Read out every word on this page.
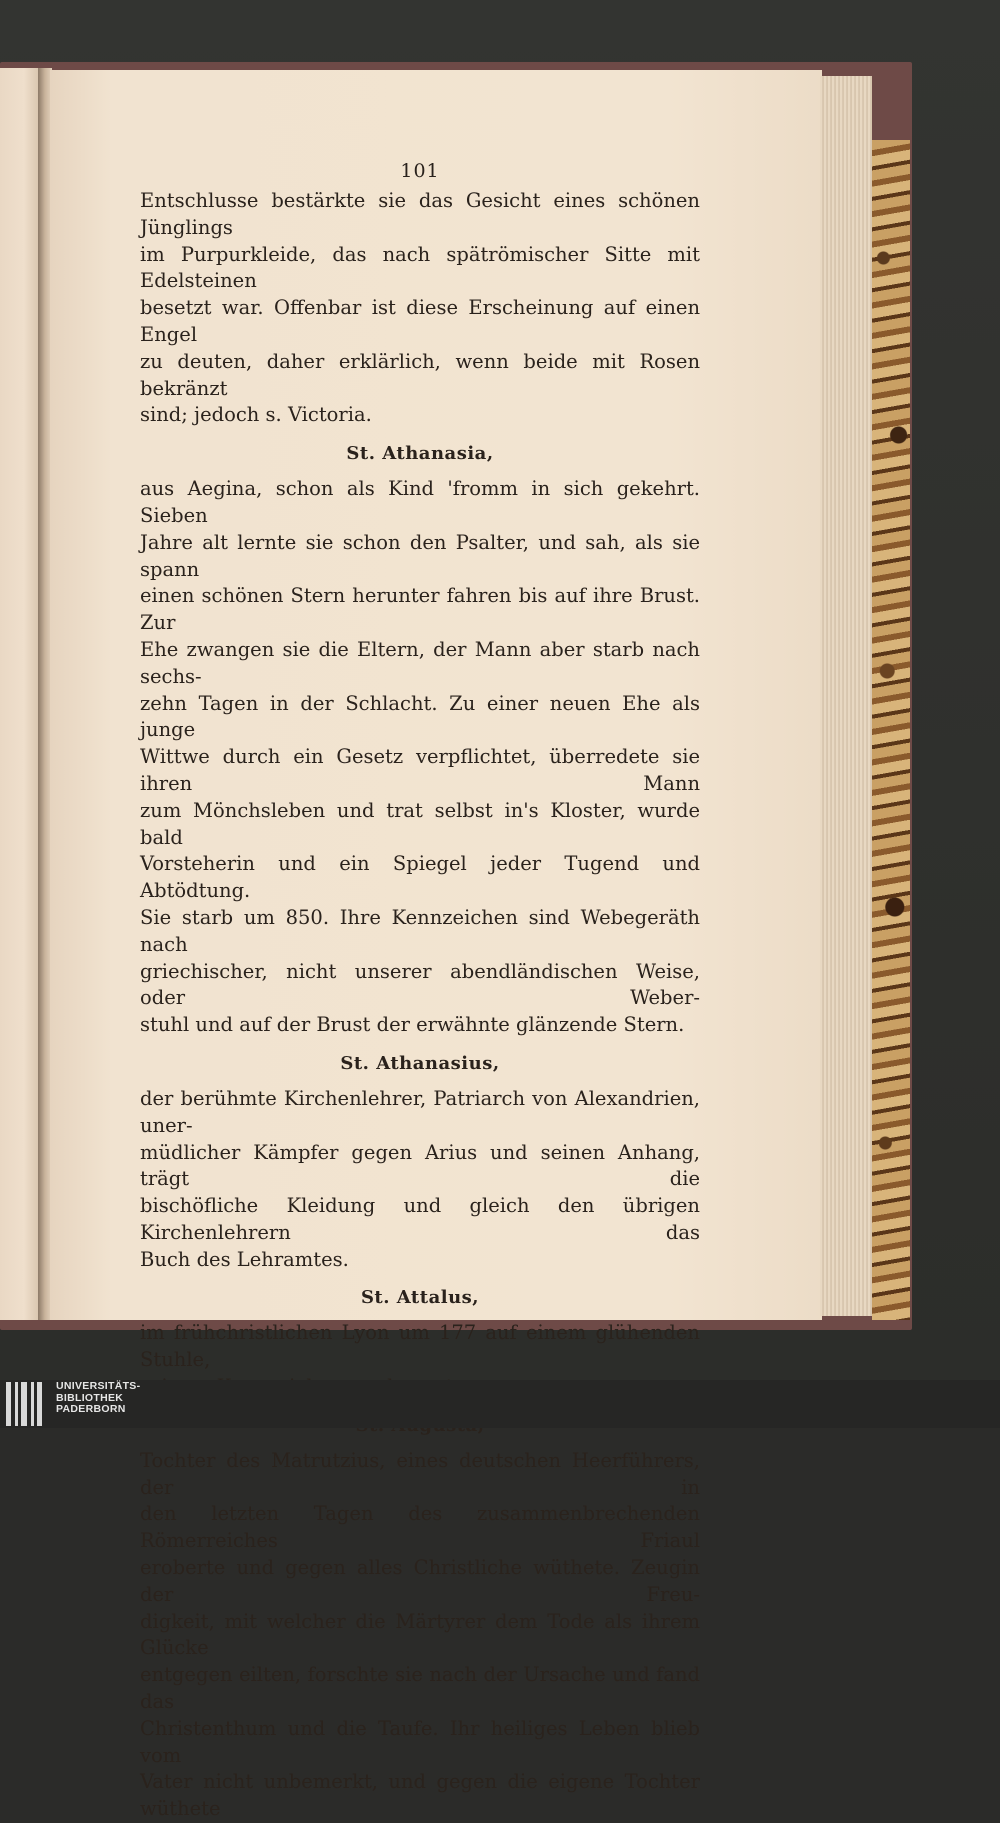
101
Entschlusse bestärkte sie das Gesicht eines schönen Jünglings
im Purpurkleide, das nach spätrömischer Sitte mit Edelsteinen
besetzt war. Offenbar ist diese Erscheinung auf einen Engel
zu deuten, daher erklärlich, wenn beide mit Rosen bekränzt
sind; jedoch s. Victoria.
St. Athanasia,
aus Aegina, schon als Kind 'fromm in sich gekehrt. Sieben
Jahre alt lernte sie schon den Psalter, und sah, als sie spann
einen schönen Stern herunter fahren bis auf ihre Brust. Zur
Ehe zwangen sie die Eltern, der Mann aber starb nach sechs-
zehn Tagen in der Schlacht. Zu einer neuen Ehe als junge
Wittwe durch ein Gesetz verpflichtet, überredete sie ihren Mann
zum Mönchsleben und trat selbst in's Kloster, wurde bald
Vorsteherin und ein Spiegel jeder Tugend und Abtödtung.
Sie starb um 850. Ihre Kennzeichen sind Webegeräth nach
griechischer, nicht unserer abendländischen Weise, oder Weber-
stuhl und auf der Brust der erwähnte glänzende Stern.
St. Athanasius,
der berühmte Kirchenlehrer, Patriarch von Alexandrien, uner-
müdlicher Kämpfer gegen Arius und seinen Anhang, trägt die
bischöfliche Kleidung und gleich den übrigen Kirchenlehrern das
Buch des Lehramtes.
St. Attalus,
im frühchristlichen Lyon um 177 auf einem glühenden Stuhle,
Tochter des Matrutzius, eines deutschen Heerführers, der in
den letzten Tagen des zusammenbrechenden Römerreiches Friaul
eroberte und gegen alles Christliche wüthete. Zeugin der Freu-
digkeit, mit welcher die Märtyrer dem Tode als ihrem Glücke
entgegen eilten, forschte sie nach der Ursache und fand das
Christenthum und die Taufe. Ihr heiliges Leben blieb vom
Vater nicht unbemerkt, und gegen die eigene Tochter wüthete
UNIVERSITÄTS-
BIBLIOTHEK
PADERBORN
